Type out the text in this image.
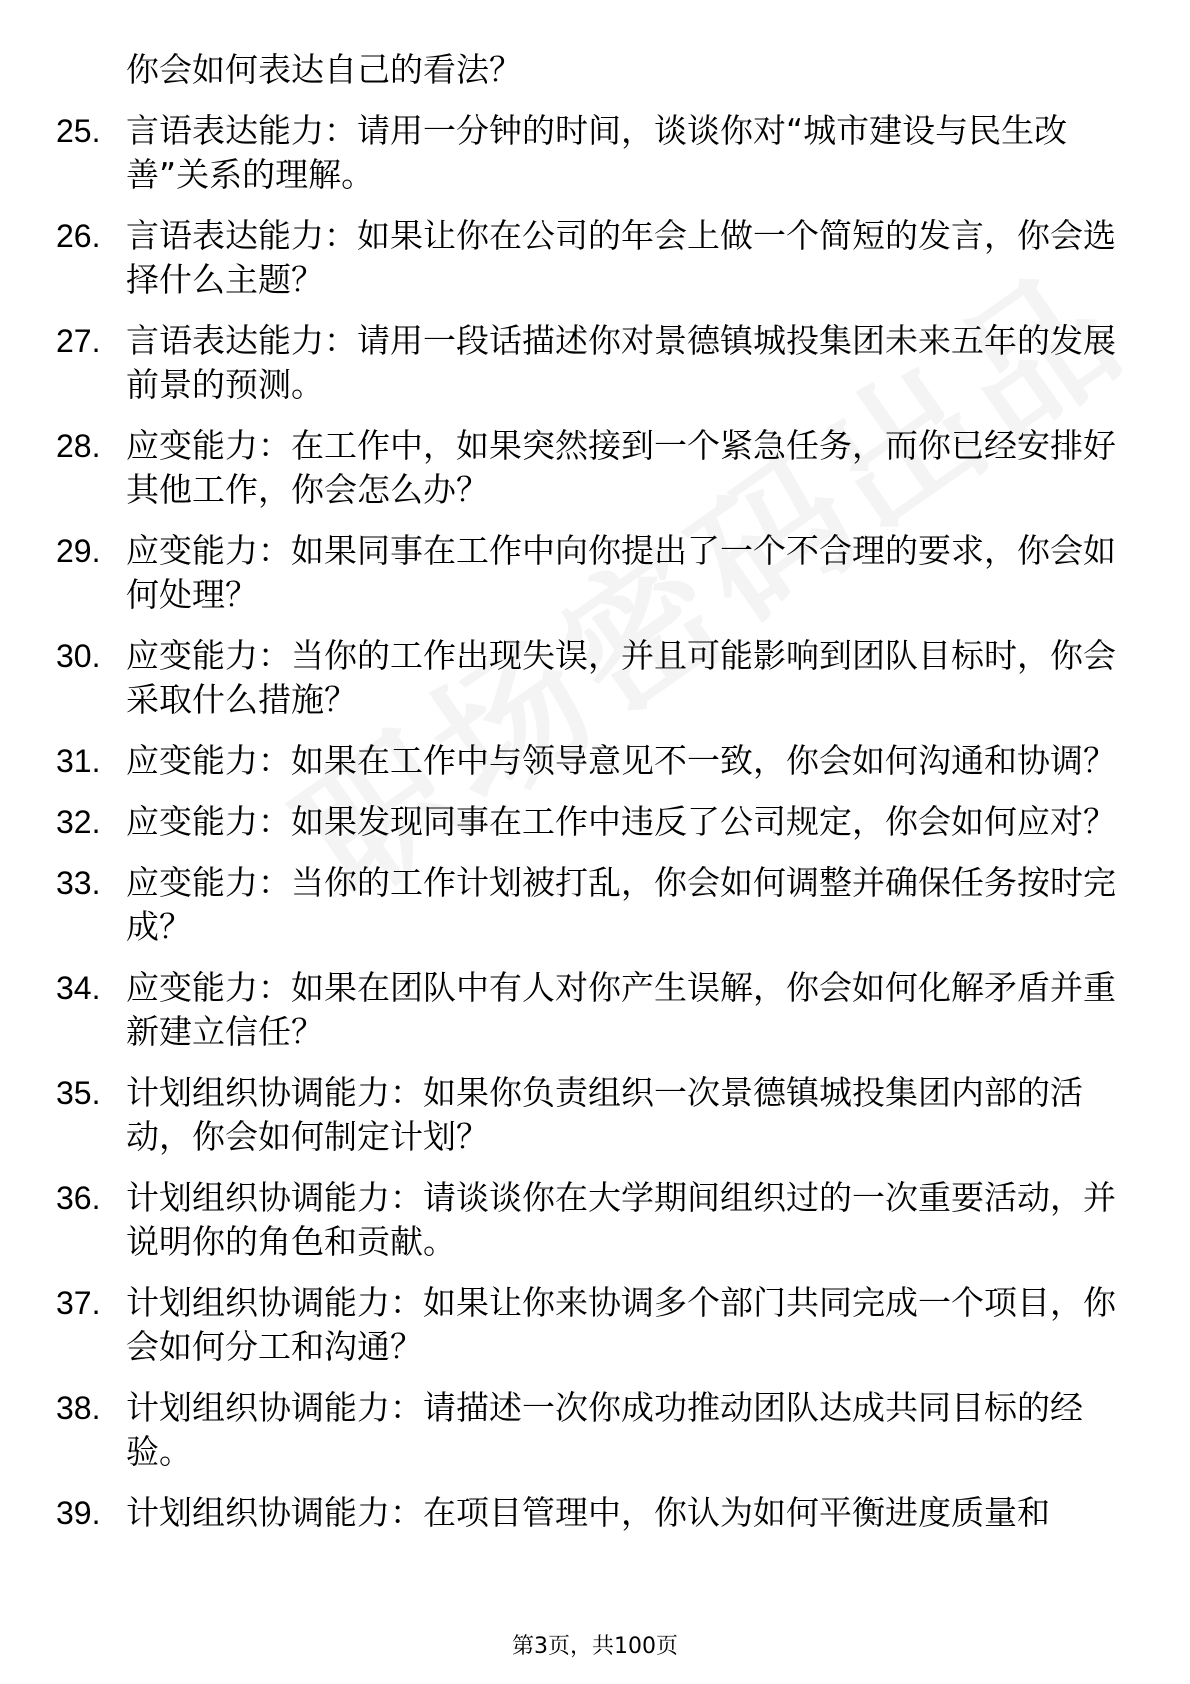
你会如何表达自己的看法？
25. 言语表达能力：请用一分钟的时间，谈谈你对“城市建设与民生改善”关系的理解。
26. 言语表达能力：如果让你在公司的年会上做一个简短的发言，你会选择什么主题？
27. 言语表达能力：请用一段话描述你对景德镇城投集团未来五年的发展前景的预测。
28. 应变能力：在工作中，如果突然接到一个紧急任务，而你已经安排好其他工作，你会怎么办？
29. 应变能力：如果同事在工作中向你提出了一个不合理的要求，你会如何处理？
30. 应变能力：当你的工作出现失误，并且可能影响到团队目标时，你会采取什么措施？
31. 应变能力：如果在工作中与领导意见不一致，你会如何沟通和协调？
32. 应变能力：如果发现同事在工作中违反了公司规定，你会如何应对？
33. 应变能力：当你的工作计划被打乱，你会如何调整并确保任务按时完成？
34. 应变能力：如果在团队中有人对你产生误解，你会如何化解矛盾并重新建立信任？
35. 计划组织协调能力：如果你负责组织一次景德镇城投集团内部的活动，你会如何制定计划？
36. 计划组织协调能力：请谈谈你在大学期间组织过的一次重要活动，并说明你的角色和贡献。
37. 计划组织协调能力：如果让你来协调多个部门共同完成一个项目，你会如何分工和沟通？
38. 计划组织协调能力：请描述一次你成功推动团队达成共同目标的经验。
39. 计划组织协调能力：在项目管理中，你认为如何平衡进度质量和
第3页，共100页
